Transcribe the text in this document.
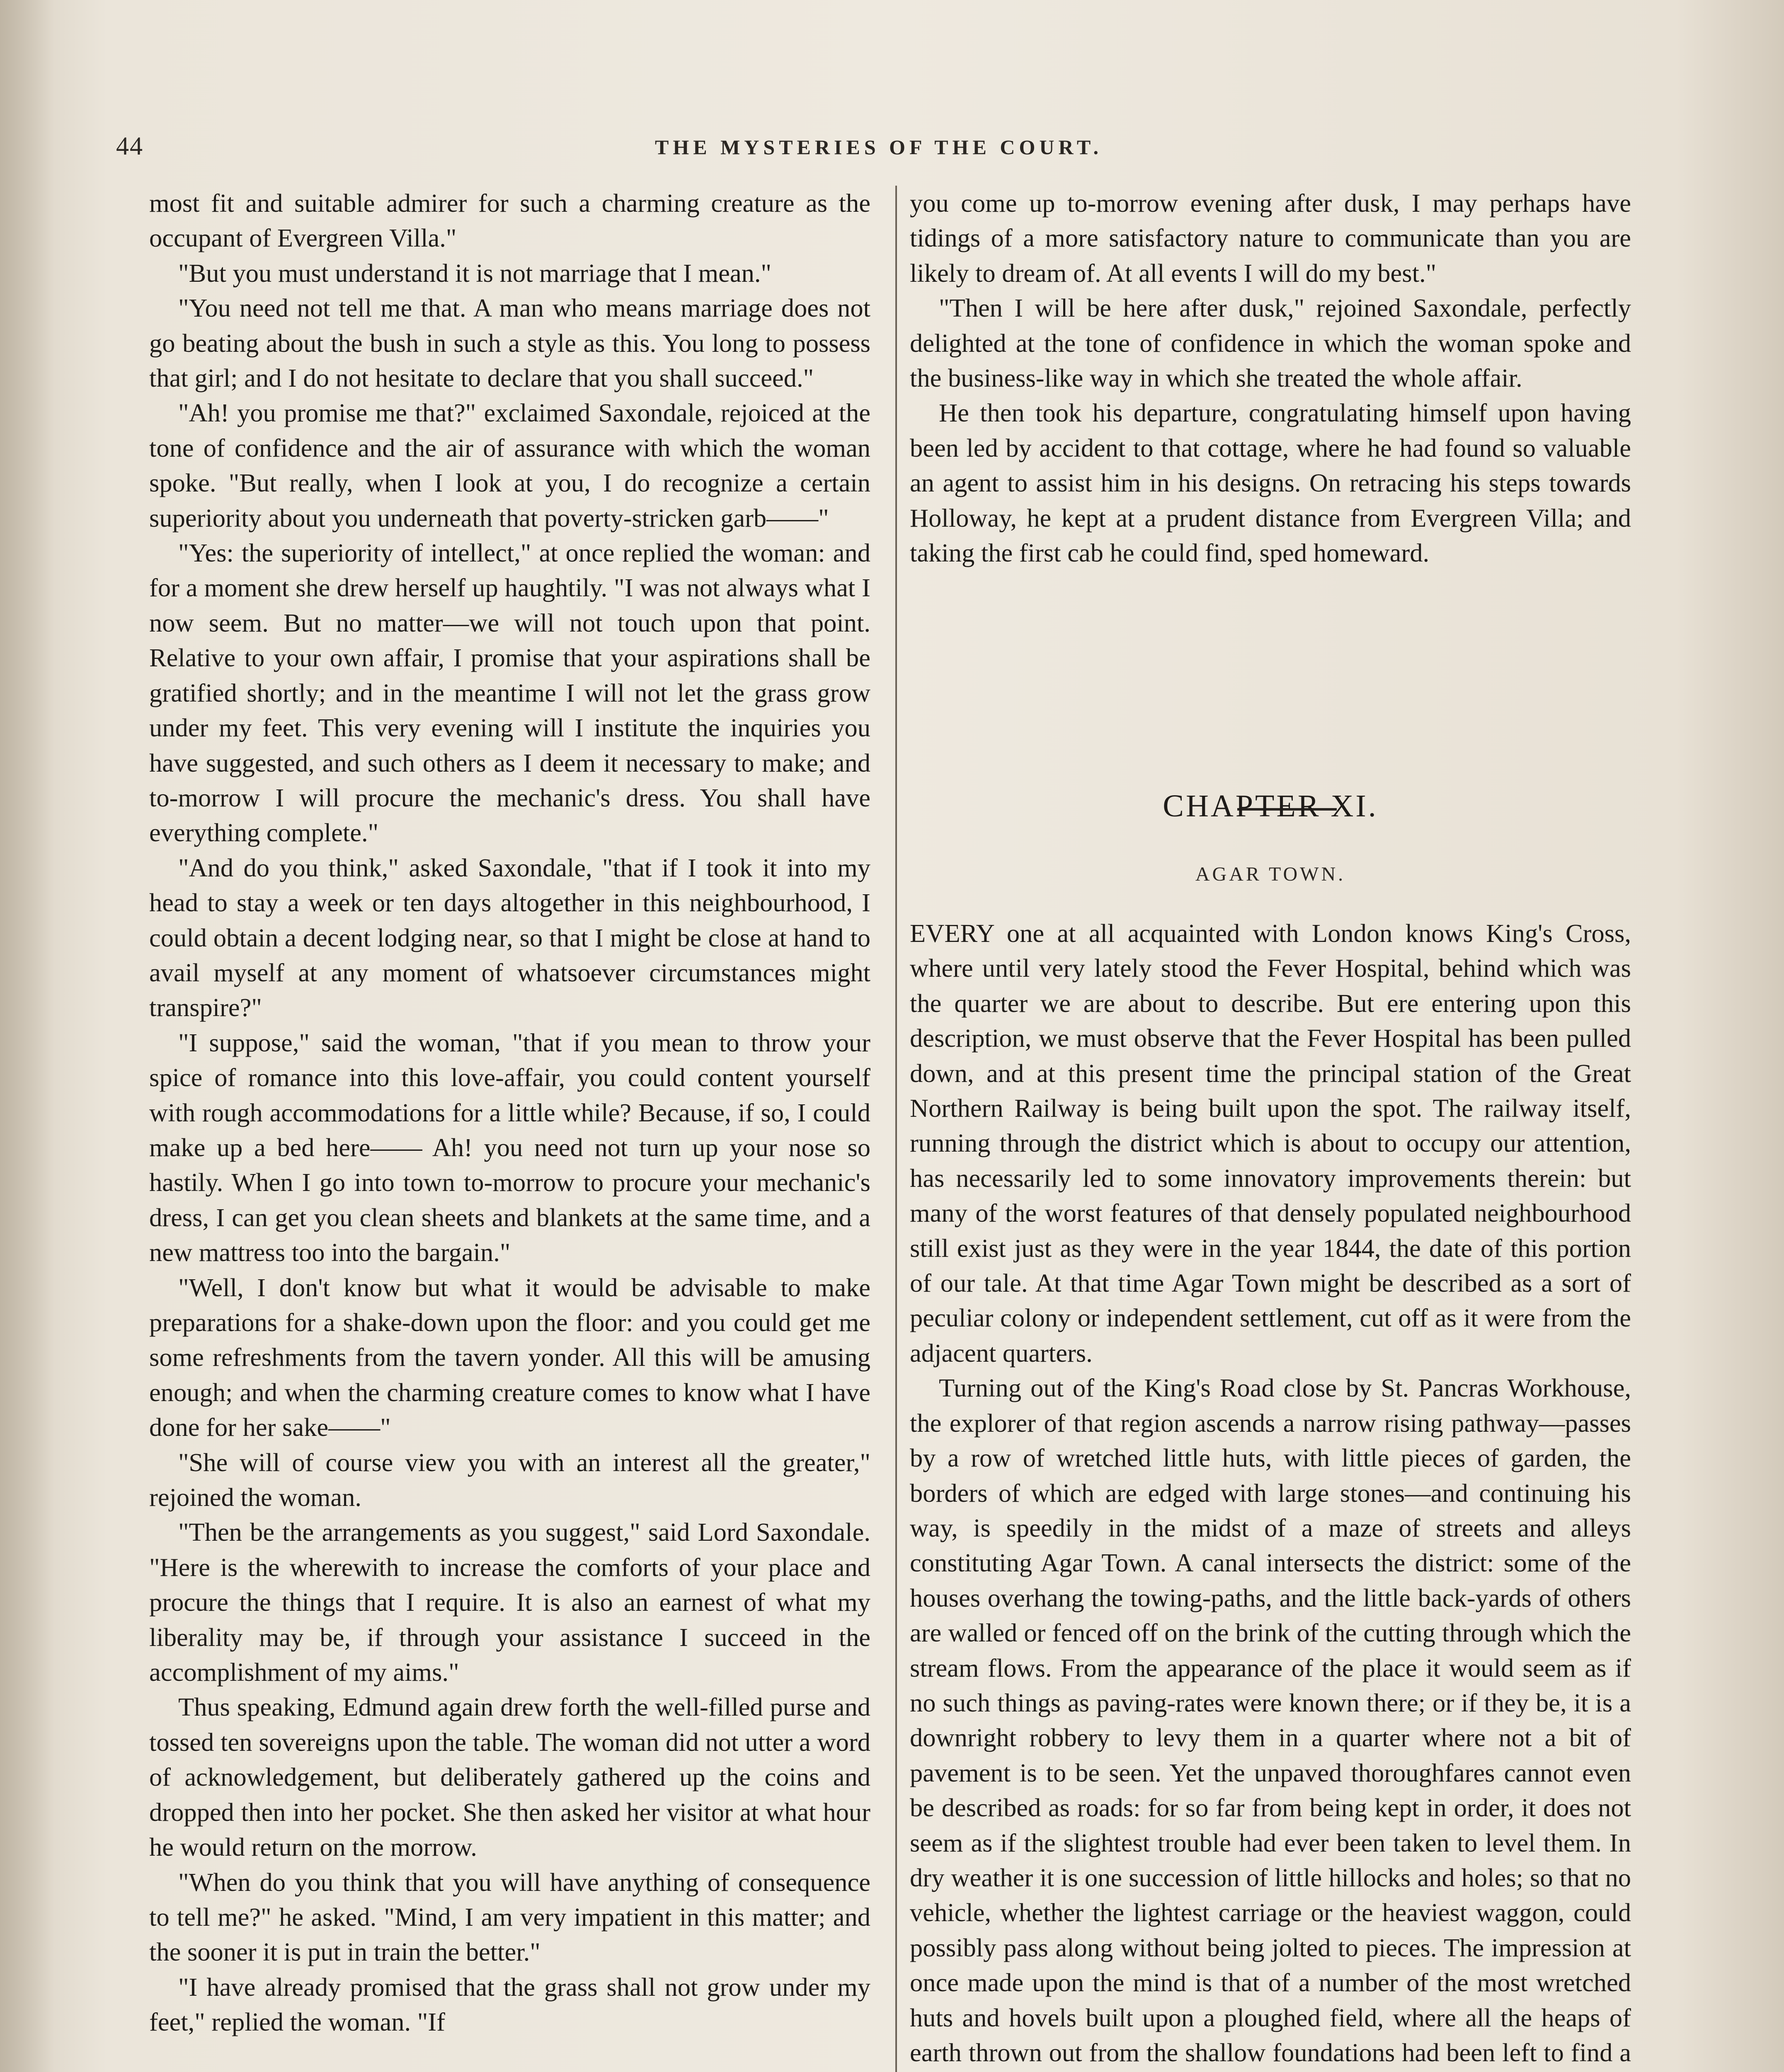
44	THE MYSTERIES OF THE COURT.

most fit and suitable admirer for such a charming creature as the occupant of Evergreen Villa."

"But you must understand it is not marriage that I mean."

"You need not tell me that. A man who means marriage does not go beating about the bush in such a style as this. You long to possess that girl; and I do not hesitate to declare that you shall succeed."

"Ah! you promise me that?" exclaimed Saxondale, rejoiced at the tone of confidence and the air of assurance with which the woman spoke. "But really, when I look at you, I do recognize a certain superiority about you underneath that poverty-stricken garb——"

"Yes: the superiority of intellect," at once replied the woman: and for a moment she drew herself up haughtily. "I was not always what I now seem. But no matter—we will not touch upon that point. Relative to your own affair, I promise that your aspirations shall be gratified shortly; and in the meantime I will not let the grass grow under my feet. This very evening will I institute the inquiries you have suggested, and such others as I deem it necessary to make; and to-morrow I will procure the mechanic's dress. You shall have everything complete."

"And do you think," asked Saxondale, "that if I took it into my head to stay a week or ten days altogether in this neighbourhood, I could obtain a decent lodging near, so that I might be close at hand to avail myself at any moment of whatsoever circumstances might transpire?"

"I suppose," said the woman, "that if you mean to throw your spice of romance into this love-affair, you could content yourself with rough accommodations for a little while? Because, if so, I could make up a bed here—— Ah! you need not turn up your nose so hastily. When I go into town to-morrow to procure your mechanic's dress, I can get you clean sheets and blankets at the same time, and a new mattress too into the bargain."

"Well, I don't know but what it would be advisable to make preparations for a shake-down upon the floor: and you could get me some refreshments from the tavern yonder. All this will be amusing enough; and when the charming creature comes to know what I have done for her sake——"

"She will of course view you with an interest all the greater," rejoined the woman.

"Then be the arrangements as you suggest," said Lord Saxondale. "Here is the wherewith to increase the comforts of your place and procure the things that I require. It is also an earnest of what my liberality may be, if through your assistance I succeed in the accomplishment of my aims."

Thus speaking, Edmund again drew forth the well-filled purse and tossed ten sovereigns upon the table. The woman did not utter a word of acknowledgement, but deliberately gathered up the coins and dropped then into her pocket. She then asked her visitor at what hour he would return on the morrow.

"When do you think that you will have anything of consequence to tell me?" he asked. "Mind, I am very impatient in this matter; and the sooner it is put in train the better."

"I have already promised that the grass shall not grow under my feet," replied the woman. "If

you come up to-morrow evening after dusk, I may perhaps have tidings of a more satisfactory nature to communicate than you are likely to dream of. At all events I will do my best."

"Then I will be here after dusk," rejoined Saxondale, perfectly delighted at the tone of confidence in which the woman spoke and the business-like way in which she treated the whole affair.

He then took his departure, congratulating himself upon having been led by accident to that cottage, where he had found so valuable an agent to assist him in his designs. On retracing his steps towards Holloway, he kept at a prudent distance from Evergreen Villa; and taking the first cab he could find, sped homeward.

CHAPTER XI.
AGAR TOWN.

EVERY one at all acquainted with London knows King's Cross, where until very lately stood the Fever Hospital, behind which was the quarter we are about to describe. But ere entering upon this description, we must observe that the Fever Hospital has been pulled down, and at this present time the principal station of the Great Northern Railway is being built upon the spot. The railway itself, running through the district which is about to occupy our attention, has necessarily led to some innovatory improvements therein: but many of the worst features of that densely populated neighbourhood still exist just as they were in the year 1844, the date of this portion of our tale. At that time Agar Town might be described as a sort of peculiar colony or independent settlement, cut off as it were from the adjacent quarters.

Turning out of the King's Road close by St. Pancras Workhouse, the explorer of that region ascends a narrow rising pathway—passes by a row of wretched little huts, with little pieces of garden, the borders of which are edged with large stones—and continuing his way, is speedily in the midst of a maze of streets and alleys constituting Agar Town. A canal intersects the district: some of the houses overhang the towing-paths, and the little back-yards of others are walled or fenced off on the brink of the cutting through which the stream flows. From the appearance of the place it would seem as if no such things as paving-rates were known there; or if they be, it is a downright robbery to levy them in a quarter where not a bit of pavement is to be seen. Yet the unpaved thoroughfares cannot even be described as roads: for so far from being kept in order, it does not seem as if the slightest trouble had ever been taken to level them. In dry weather it is one succession of little hillocks and holes; so that no vehicle, whether the lightest carriage or the heaviest waggon, could possibly pass along without being jolted to pieces. The impression at once made upon the mind is that of a number of the most wretched huts and hovels built upon a ploughed field, where all the heaps of earth thrown out from the shallow foundations had been left to find a
